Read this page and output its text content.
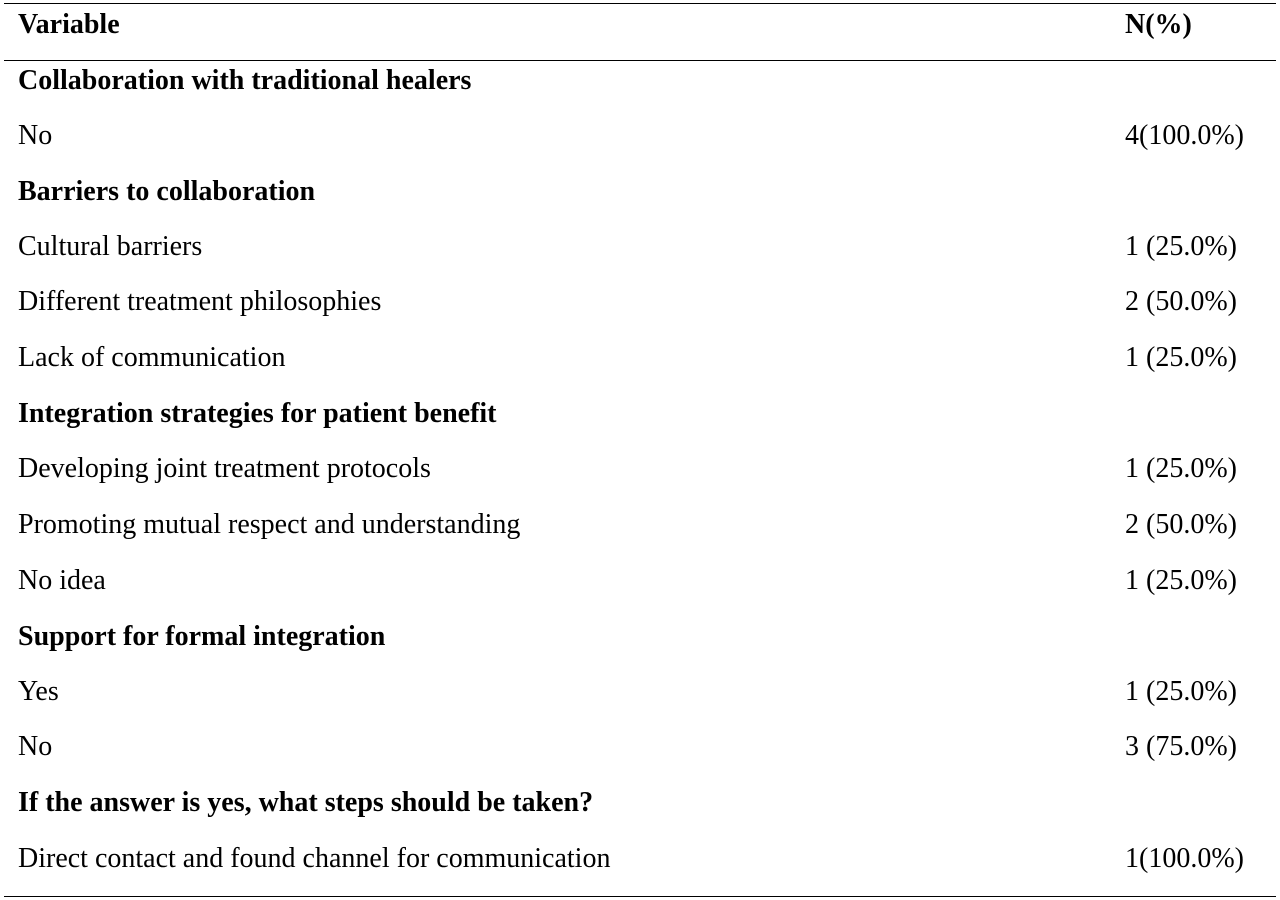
Variable	N(%)
Collaboration with traditional healers
No	4(100.0%)
Barriers to collaboration
Cultural barriers	1 (25.0%)
Different treatment philosophies	2 (50.0%)
Lack of communication	1 (25.0%)
Integration strategies for patient benefit
Developing joint treatment protocols	1 (25.0%)
Promoting mutual respect and understanding	2 (50.0%)
No idea	1 (25.0%)
Support for formal integration
Yes	1 (25.0%)
No	3 (75.0%)
If the answer is yes, what steps should be taken?
Direct contact and found channel for communication	1(100.0%)
